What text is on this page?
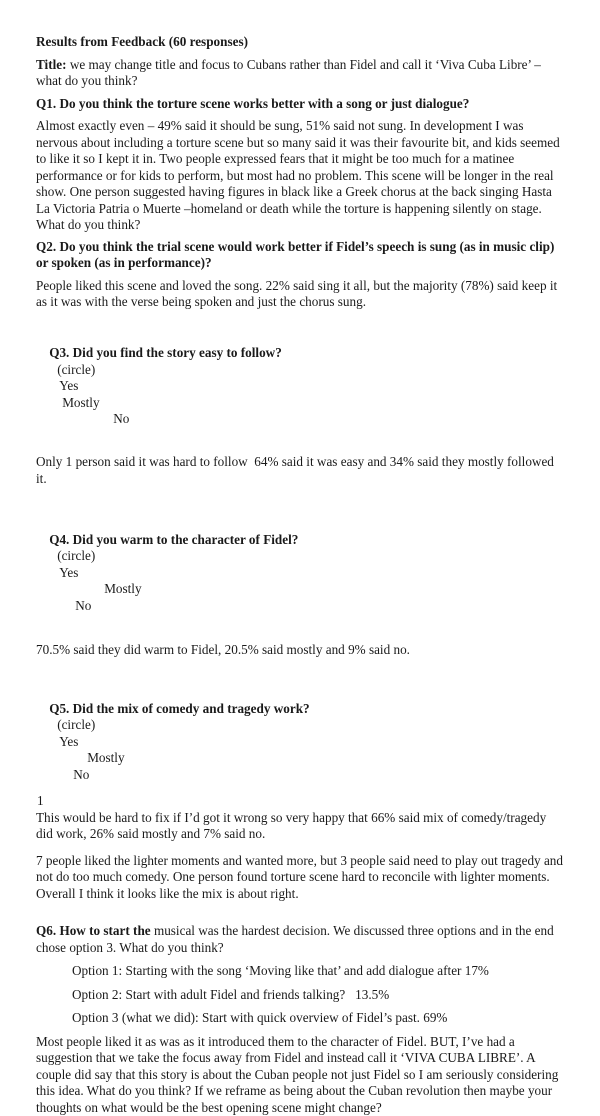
Results from Feedback (60 responses)

Title: we may change title and focus to Cubans rather than Fidel and call it ‘Viva Cuba Libre’ – what do you think?

Q1. Do you think the torture scene works better with a song or just dialogue?

Almost exactly even – 49% said it should be sung, 51% said not sung. In development I was nervous about including a torture scene but so many said it was their favourite bit, and kids seemed to like it so I kept it in. Two people expressed fears that it might be too much for a matinee performance or for kids to perform, but most had no problem. This scene will be longer in the real show. One person suggested having figures in black like a Greek chorus at the back singing Hasta La Victoria Patria o Muerte –homeland or death while the torture is happening silently on stage. What do you think?

Q2. Do you think the trial scene would work better if Fidel’s speech is sung (as in music clip) or spoken (as in performance)?

People liked this scene and loved the song. 22% said sing it all, but the majority (78%) said keep it as it was with the verse being spoken and just the chorus sung.

Q3. Did you find the story easy to follow?
(circle)
Yes
Mostly
No

Only 1 person said it was hard to follow  64% said it was easy and 34% said they mostly followed it.

Q4. Did you warm to the character of Fidel?
(circle)
Yes
Mostly
No

70.5% said they did warm to Fidel, 20.5% said mostly and 9% said no.

Q5. Did the mix of comedy and tragedy work?
(circle)
Yes
Mostly
No

This would be hard to fix if I’d got it wrong so very happy that 66% said mix of comedy/tragedy did work, 26% said mostly and 7% said no.

7 people liked the lighter moments and wanted more, but 3 people said need to play out tragedy and not do too much comedy. One person found torture scene hard to reconcile with lighter moments. Overall I think it looks like the mix is about right.

Q6. How to start the musical was the hardest decision. We discussed three options and in the end chose option 3. What do you think?

Option 1: Starting with the song ‘Moving like that’ and add dialogue after 17%

Option 2: Start with adult Fidel and friends talking?   13.5%

Option 3 (what we did): Start with quick overview of Fidel’s past. 69%

Most people liked it as was as it introduced them to the character of Fidel. BUT, I’ve had a suggestion that we take the focus away from Fidel and instead call it ‘VIVA CUBA LIBRE’. A couple did say that this story is about the Cuban people not just Fidel so I am seriously considering this idea. What do you think? If we reframe as being about the Cuban revolution then maybe your thoughts on what would be the best opening scene might change?

1
